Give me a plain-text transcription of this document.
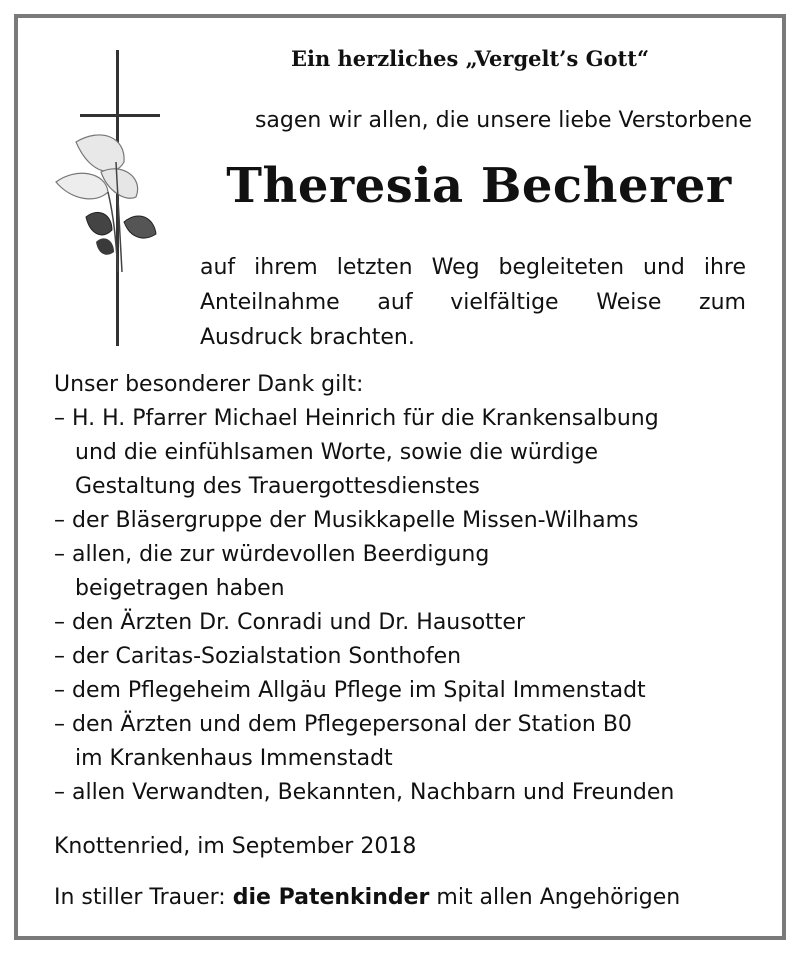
Ein herzliches „Vergelt’s Gott“
sagen wir allen, die unsere liebe Verstorbene
Theresia Becherer
auf ihrem letzten Weg begleiteten und ihre
Anteilnahme auf vielfältige Weise zum
Ausdruck brachten.
Unser besonderer Dank gilt:
– H. H. Pfarrer Michael Heinrich für die Krankensalbung
und die einfühlsamen Worte, sowie die würdige
Gestaltung des Trauergottesdienstes
– der Bläsergruppe der Musikkapelle Missen-Wilhams
– allen, die zur würdevollen Beerdigung
beigetragen haben
– den Ärzten Dr. Conradi und Dr. Hausotter
– der Caritas-Sozialstation Sonthofen
– dem Pflegeheim Allgäu Pflege im Spital Immenstadt
– den Ärzten und dem Pflegepersonal der Station B0
im Krankenhaus Immenstadt
– allen Verwandten, Bekannten, Nachbarn und Freunden
Knottenried, im September 2018
In stiller Trauer: die Patenkinder mit allen Angehörigen
